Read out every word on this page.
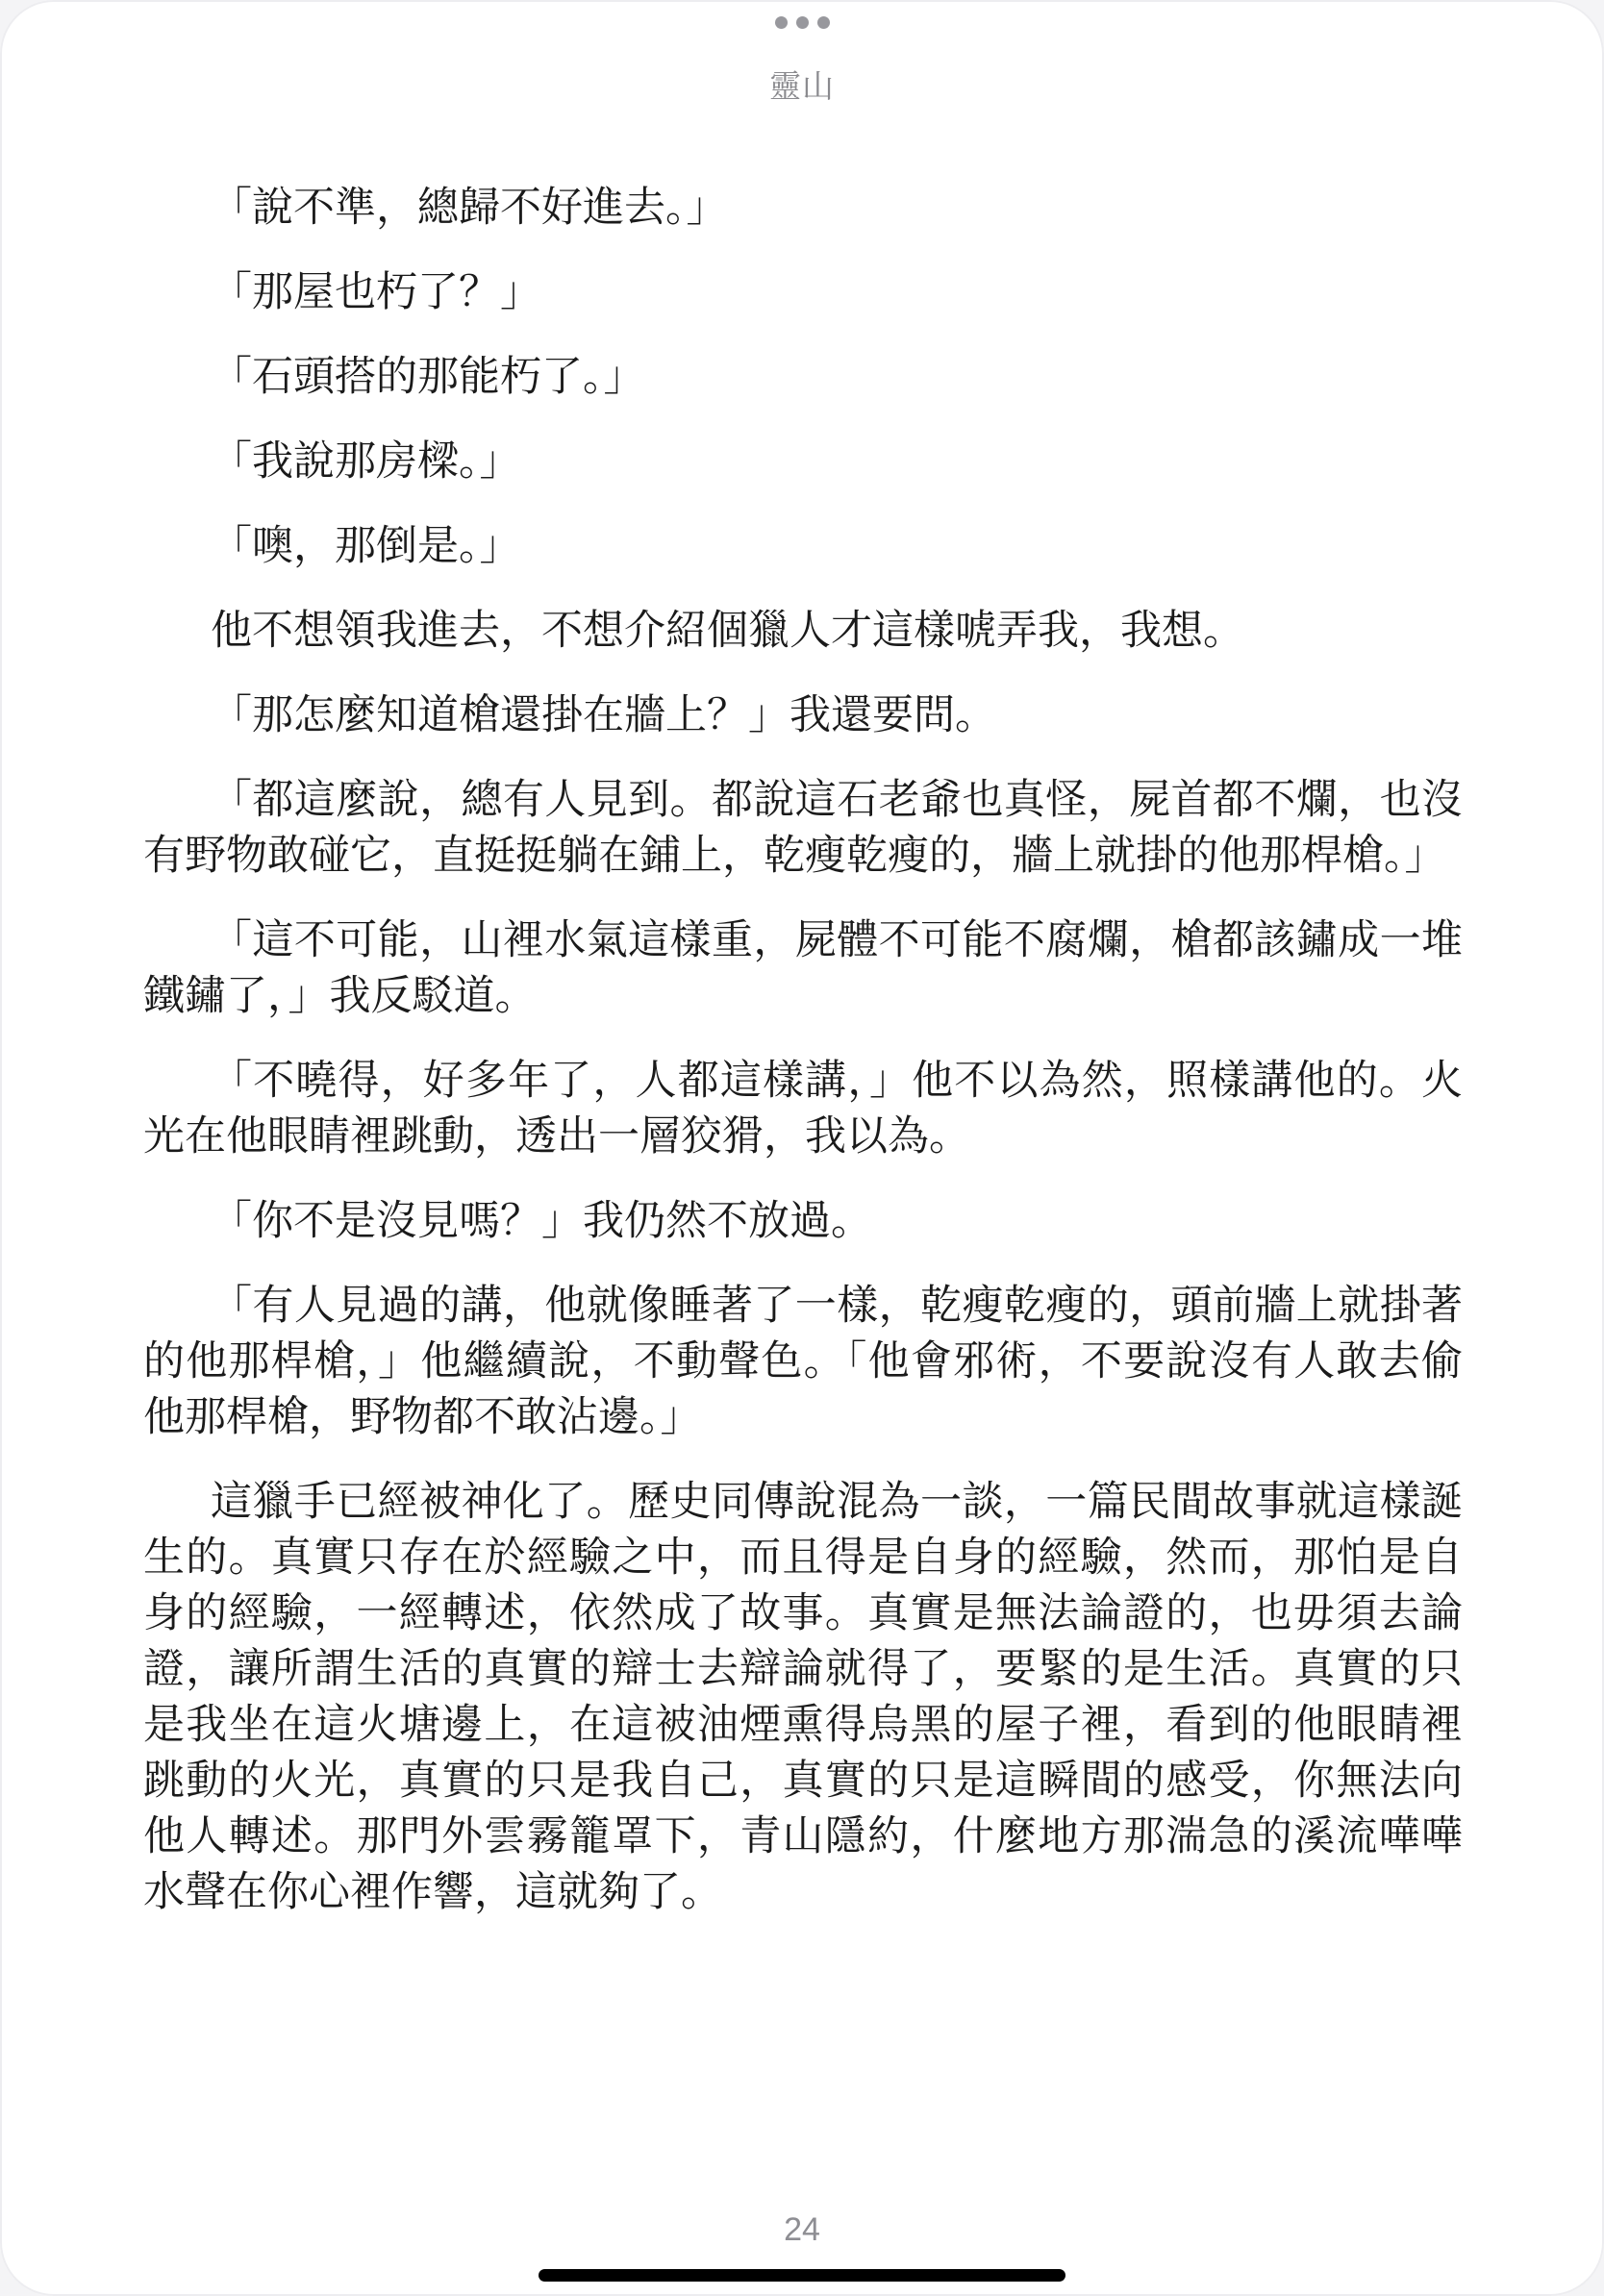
靈山

「說不準，總歸不好進去。」

「那屋也朽了？」

「石頭搭的那能朽了。」

「我說那房樑。」

「噢，那倒是。」

他不想領我進去，不想介紹個獵人才這樣唬弄我，我想。

「那怎麼知道槍還掛在牆上？」我還要問。

「都這麼說，總有人見到。都說這石老爺也真怪，屍首都不爛，也沒有野物敢碰它，直挺挺躺在鋪上，乾瘦乾瘦的，牆上就掛的他那桿槍。」

「這不可能，山裡水氣這樣重，屍體不可能不腐爛，槍都該鏽成一堆鐵鏽了，」我反駁道。

「不曉得，好多年了，人都這樣講，」他不以為然，照樣講他的。火光在他眼睛裡跳動，透出一層狡猾，我以為。

「你不是沒見嗎？」我仍然不放過。

「有人見過的講，他就像睡著了一樣，乾瘦乾瘦的，頭前牆上就掛著的他那桿槍，」他繼續說，不動聲色。「他會邪術，不要說沒有人敢去偷他那桿槍，野物都不敢沾邊。」

這獵手已經被神化了。歷史同傳說混為一談，一篇民間故事就這樣誕生的。真實只存在於經驗之中，而且得是自身的經驗，然而，那怕是自身的經驗，一經轉述，依然成了故事。真實是無法論證的，也毋須去論證，讓所謂生活的真實的辯士去辯論就得了，要緊的是生活。真實的只是我坐在這火塘邊上，在這被油煙熏得烏黑的屋子裡，看到的他眼睛裡跳動的火光，真實的只是我自己，真實的只是這瞬間的感受，你無法向他人轉述。那門外雲霧籠罩下，青山隱約，什麼地方那湍急的溪流嘩嘩水聲在你心裡作響，這就夠了。

24
